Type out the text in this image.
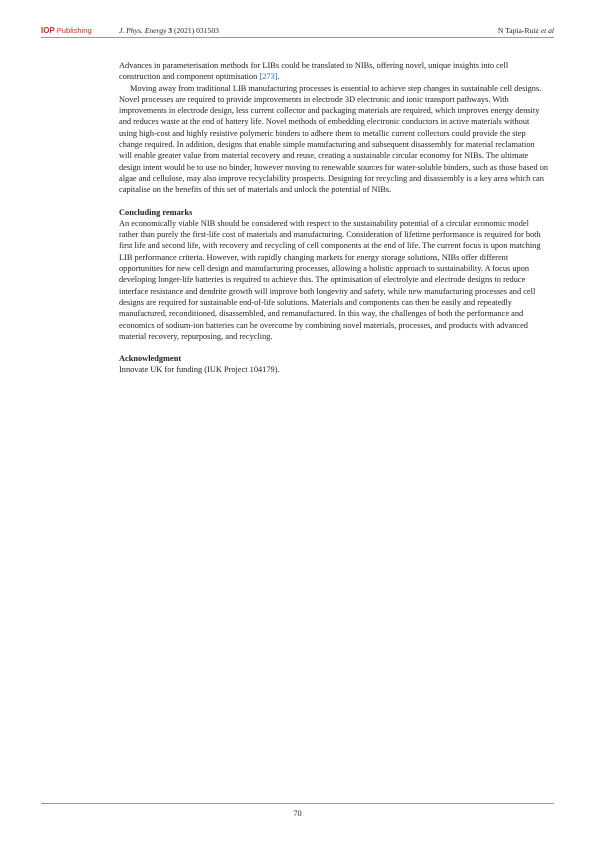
IOP Publishing	J. Phys. Energy 3 (2021) 031503	N Tapia-Ruiz et al

Advances in parameterisation methods for LIBs could be translated to NIBs, offering novel, unique insights into cell construction and component optimisation [273].

Moving away from traditional LIB manufacturing processes is essential to achieve step changes in sustainable cell designs. Novel processes are required to provide improvements in electrode 3D electronic and ionic transport pathways. With improvements in electrode design, less current collector and packaging materials are required, which improves energy density and reduces waste at the end of battery life. Novel methods of embedding electronic conductors in active materials without using high-cost and highly resistive polymeric binders to adhere them to metallic current collectors could provide the step change required. In addition, designs that enable simple manufacturing and subsequent disassembly for material reclamation will enable greater value from material recovery and reuse, creating a sustainable circular economy for NIBs. The ultimate design intent would be to use no binder, however moving to renewable sources for water-soluble binders, such as those based on algae and cellulose, may also improve recyclability prospects. Designing for recycling and disassembly is a key area which can capitalise on the benefits of this set of materials and unlock the potential of NIBs.

Concluding remarks

An economically viable NIB should be considered with respect to the sustainability potential of a circular economic model rather than purely the first-life cost of materials and manufacturing. Consideration of lifetime performance is required for both first life and second life, with recovery and recycling of cell components at the end of life. The current focus is upon matching LIB performance criteria. However, with rapidly changing markets for energy storage solutions, NIBs offer different opportunities for new cell design and manufacturing processes, allowing a holistic approach to sustainability. A focus upon developing longer-life batteries is required to achieve this. The optimisation of electrolyte and electrode designs to reduce interface resistance and dendrite growth will improve both longevity and safety, while new manufacturing processes and cell designs are required for sustainable end-of-life solutions. Materials and components can then be easily and repeatedly manufactured, reconditioned, disassembled, and remanufactured. In this way, the challenges of both the performance and economics of sodium-ion batteries can be overcome by combining novel materials, processes, and products with advanced material recovery, repurposing, and recycling.

Acknowledgment

Innovate UK for funding (IUK Project 104179).

70
